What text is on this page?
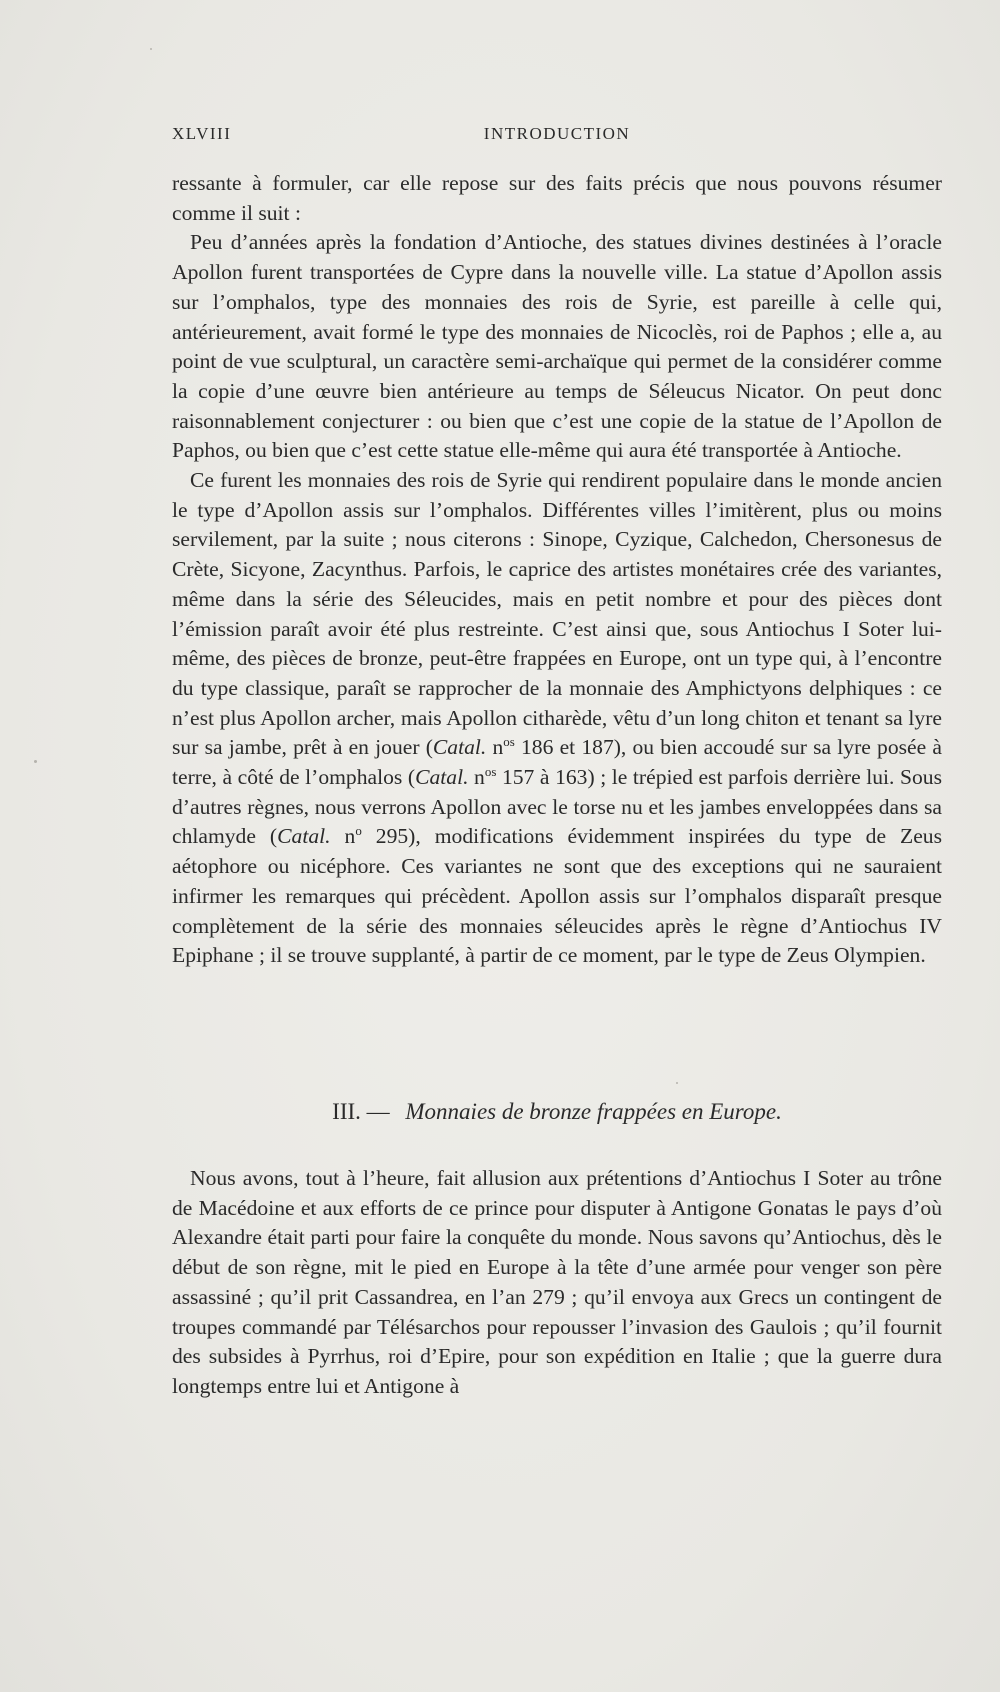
XLVIII	INTRODUCTION

ressante à formuler, car elle repose sur des faits précis que nous pouvons résumer comme il suit :

Peu d’années après la fondation d’Antioche, des statues divines destinées à l’oracle Apollon furent transportées de Cypre dans la nouvelle ville. La statue d’Apollon assis sur l’omphalos, type des monnaies des rois de Syrie, est pareille à celle qui, antérieurement, avait formé le type des monnaies de Nicoclès, roi de Paphos ; elle a, au point de vue sculptural, un caractère semi-archaïque qui permet de la considérer comme la copie d’une œuvre bien antérieure au temps de Séleucus Nicator. On peut donc raisonnablement conjecturer : ou bien que c’est une copie de la statue de l’Apollon de Paphos, ou bien que c’est cette statue elle-même qui aura été transportée à Antioche.

Ce furent les monnaies des rois de Syrie qui rendirent populaire dans le monde ancien le type d’Apollon assis sur l’omphalos. Différentes villes l’imitèrent, plus ou moins servilement, par la suite ; nous citerons : Sinope, Cyzique, Calchedon, Chersonesus de Crète, Sicyone, Zacynthus. Parfois, le caprice des artistes monétaires crée des variantes, même dans la série des Séleucides, mais en petit nombre et pour des pièces dont l’émission paraît avoir été plus restreinte. C’est ainsi que, sous Antiochus I Soter lui-même, des pièces de bronze, peut-être frappées en Europe, ont un type qui, à l’encontre du type classique, paraît se rapprocher de la monnaie des Amphictyons delphiques : ce n’est plus Apollon archer, mais Apollon citharède, vêtu d’un long chiton et tenant sa lyre sur sa jambe, prêt à en jouer (Catal. $n^{os}$ 186 et 187), ou bien accoudé sur sa lyre posée à terre, à côté de l’omphalos (Catal. $n^{os}$ 157 à 163) ; le trépied est parfois derrière lui. Sous d’autres règnes, nous verrons Apollon avec le torse nu et les jambes enveloppées dans sa chlamyde (Catal. $n^o$ 295), modifications évidemment inspirées du type de Zeus aétophore ou nicéphore. Ces variantes ne sont que des exceptions qui ne sauraient infirmer les remarques qui précèdent. Apollon assis sur l’omphalos disparaît presque complètement de la série des monnaies séleucides après le règne d’Antiochus IV Epiphane ; il se trouve supplanté, à partir de ce moment, par le type de Zeus Olympien.

III. — Monnaies de bronze frappées en Europe.

Nous avons, tout à l’heure, fait allusion aux prétentions d’Antiochus I Soter au trône de Macédoine et aux efforts de ce prince pour disputer à Antigone Gonatas le pays d’où Alexandre était parti pour faire la conquête du monde. Nous savons qu’Antiochus, dès le début de son règne, mit le pied en Europe à la tête d’une armée pour venger son père assassiné ; qu’il prit Cassandrea, en l’an 279 ; qu’il envoya aux Grecs un contingent de troupes commandé par Télésarchos pour repousser l’invasion des Gaulois ; qu’il fournit des subsides à Pyrrhus, roi d’Epire, pour son expédition en Italie ; que la guerre dura longtemps entre lui et Antigone à
